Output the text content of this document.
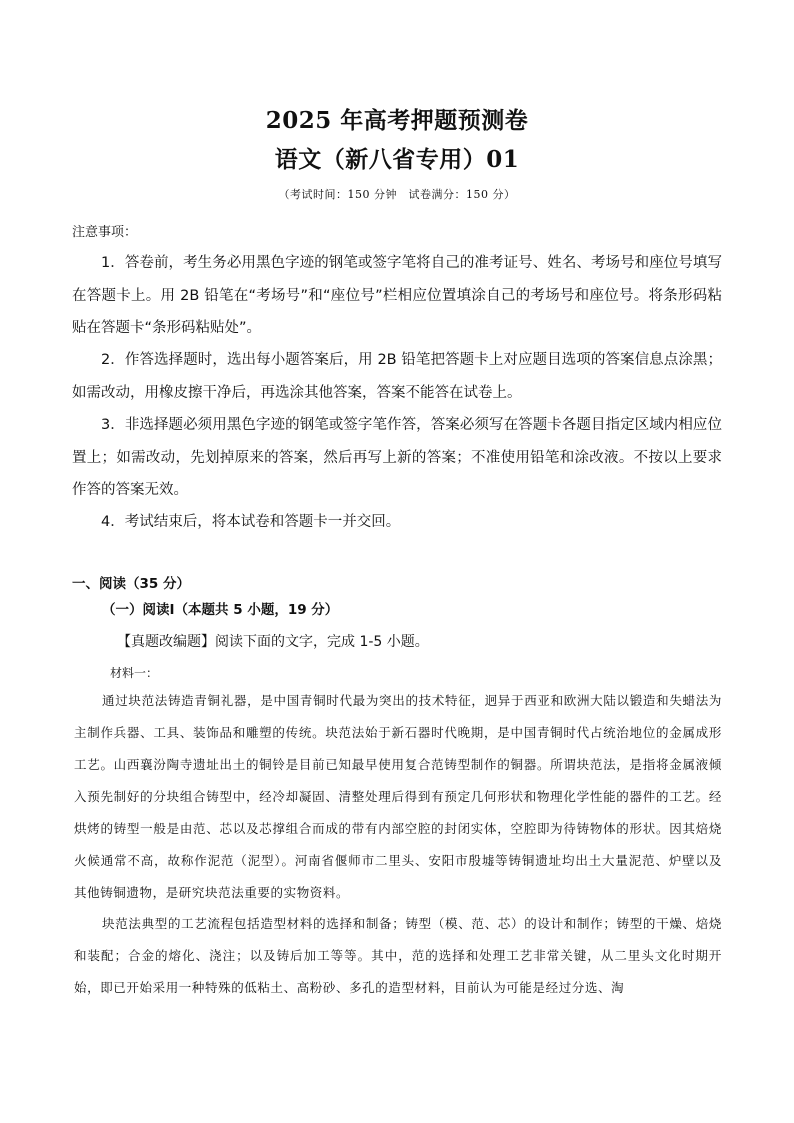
2025 年高考押题预测卷
语文（新八省专用）01
（考试时间：150 分钟　试卷满分：150 分）
注意事项：
1．答卷前，考生务必用黑色字迹的钢笔或签字笔将自己的准考证号、姓名、考场号和座位号填写在答题卡上。用 2B 铅笔在“考场号”和“座位号”栏相应位置填涂自己的考场号和座位号。将条形码粘贴在答题卡“条形码粘贴处”。
2．作答选择题时，选出每小题答案后，用 2B 铅笔把答题卡上对应题目选项的答案信息点涂黑；如需改动，用橡皮擦干净后，再选涂其他答案，答案不能答在试卷上。
3．非选择题必须用黑色字迹的钢笔或签字笔作答，答案必须写在答题卡各题目指定区域内相应位置上；如需改动，先划掉原来的答案，然后再写上新的答案；不准使用铅笔和涂改液。不按以上要求作答的答案无效。
4．考试结束后，将本试卷和答题卡一并交回。
一、阅读（35 分）
（一）阅读Ⅰ（本题共 5 小题，19 分）
【真题改编题】阅读下面的文字，完成 1-5 小题。
材料一：
通过块范法铸造青铜礼器，是中国青铜时代最为突出的技术特征，迥异于西亚和欧洲大陆以锻造和失蜡法为主制作兵器、工具、装饰品和雕塑的传统。块范法始于新石器时代晚期，是中国青铜时代占统治地位的金属成形工艺。山西襄汾陶寺遗址出土的铜铃是目前已知最早使用复合范铸型制作的铜器。所谓块范法，是指将金属液倾入预先制好的分块组合铸型中，经冷却凝固、清整处理后得到有预定几何形状和物理化学性能的器件的工艺。经烘烤的铸型一般是由范、芯以及芯撑组合而成的带有内部空腔的封闭实体，空腔即为待铸物体的形状。因其焙烧火候通常不高，故称作泥范（泥型）。河南省偃师市二里头、安阳市殷墟等铸铜遗址均出土大量泥范、炉壁以及其他铸铜遗物，是研究块范法重要的实物资料。
块范法典型的工艺流程包括造型材料的选择和制备；铸型（模、范、芯）的设计和制作；铸型的干燥、焙烧和装配；合金的熔化、浇注；以及铸后加工等等。其中，范的选择和处理工艺非常关键，从二里头文化时期开始，即已开始采用一种特殊的低粘土、高粉砂、多孔的造型材料，目前认为可能是经过分选、淘
